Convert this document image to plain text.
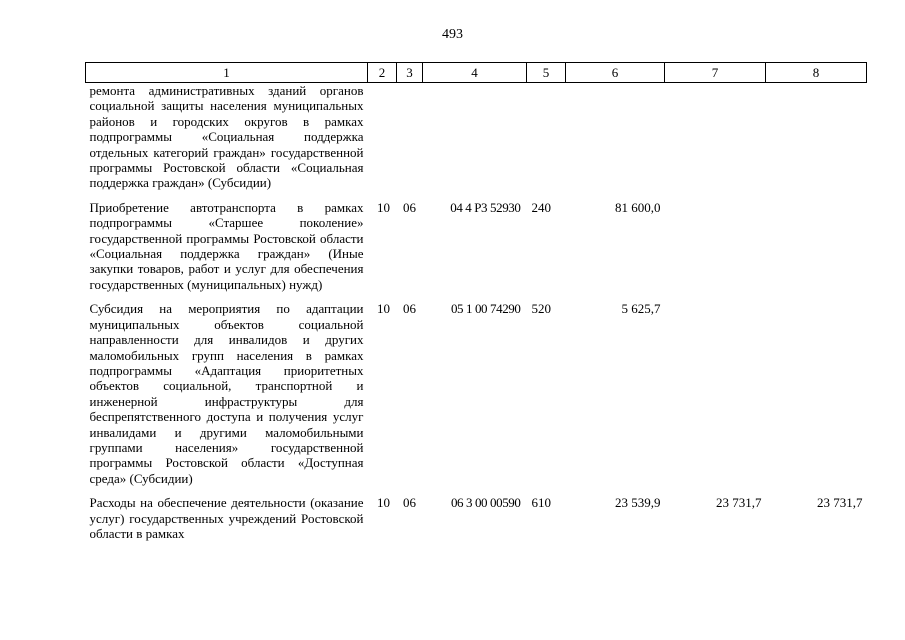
493
1	2	3	4	5	6	7	8
ремонта административных зданий органов социальной защиты населения муниципальных районов и городских округов в рамках подпрограммы «Социальная поддержка отдельных категорий граждан» государственной программы Ростовской области «Социальная поддержка граждан» (Субсидии)							
Приобретение автотранспорта в рамках подпрограммы «Старшее поколение» государственной программы Ростовской области «Социальная поддержка граждан» (Иные закупки товаров, работ и услуг для обеспечения государственных (муниципальных) нужд)	10	06	04 4 P3 52930	240	81 600,0		
Субсидия на мероприятия по адаптации муниципальных объектов социальной направленности для инвалидов и других маломобильных групп населения в рамках подпрограммы «Адаптация приоритетных объектов социальной, транспортной и инженерной инфраструктуры для беспрепятственного доступа и получения услуг инвалидами и другими маломобильными группами населения» государственной программы Ростовской области «Доступная среда» (Субсидии)	10	06	05 1 00 74290	520	5 625,7		
Расходы на обеспечение деятельности (оказание услуг) государственных учреждений Ростовской области в рамках	10	06	06 3 00 00590	610	23 539,9	23 731,7	23 731,7
